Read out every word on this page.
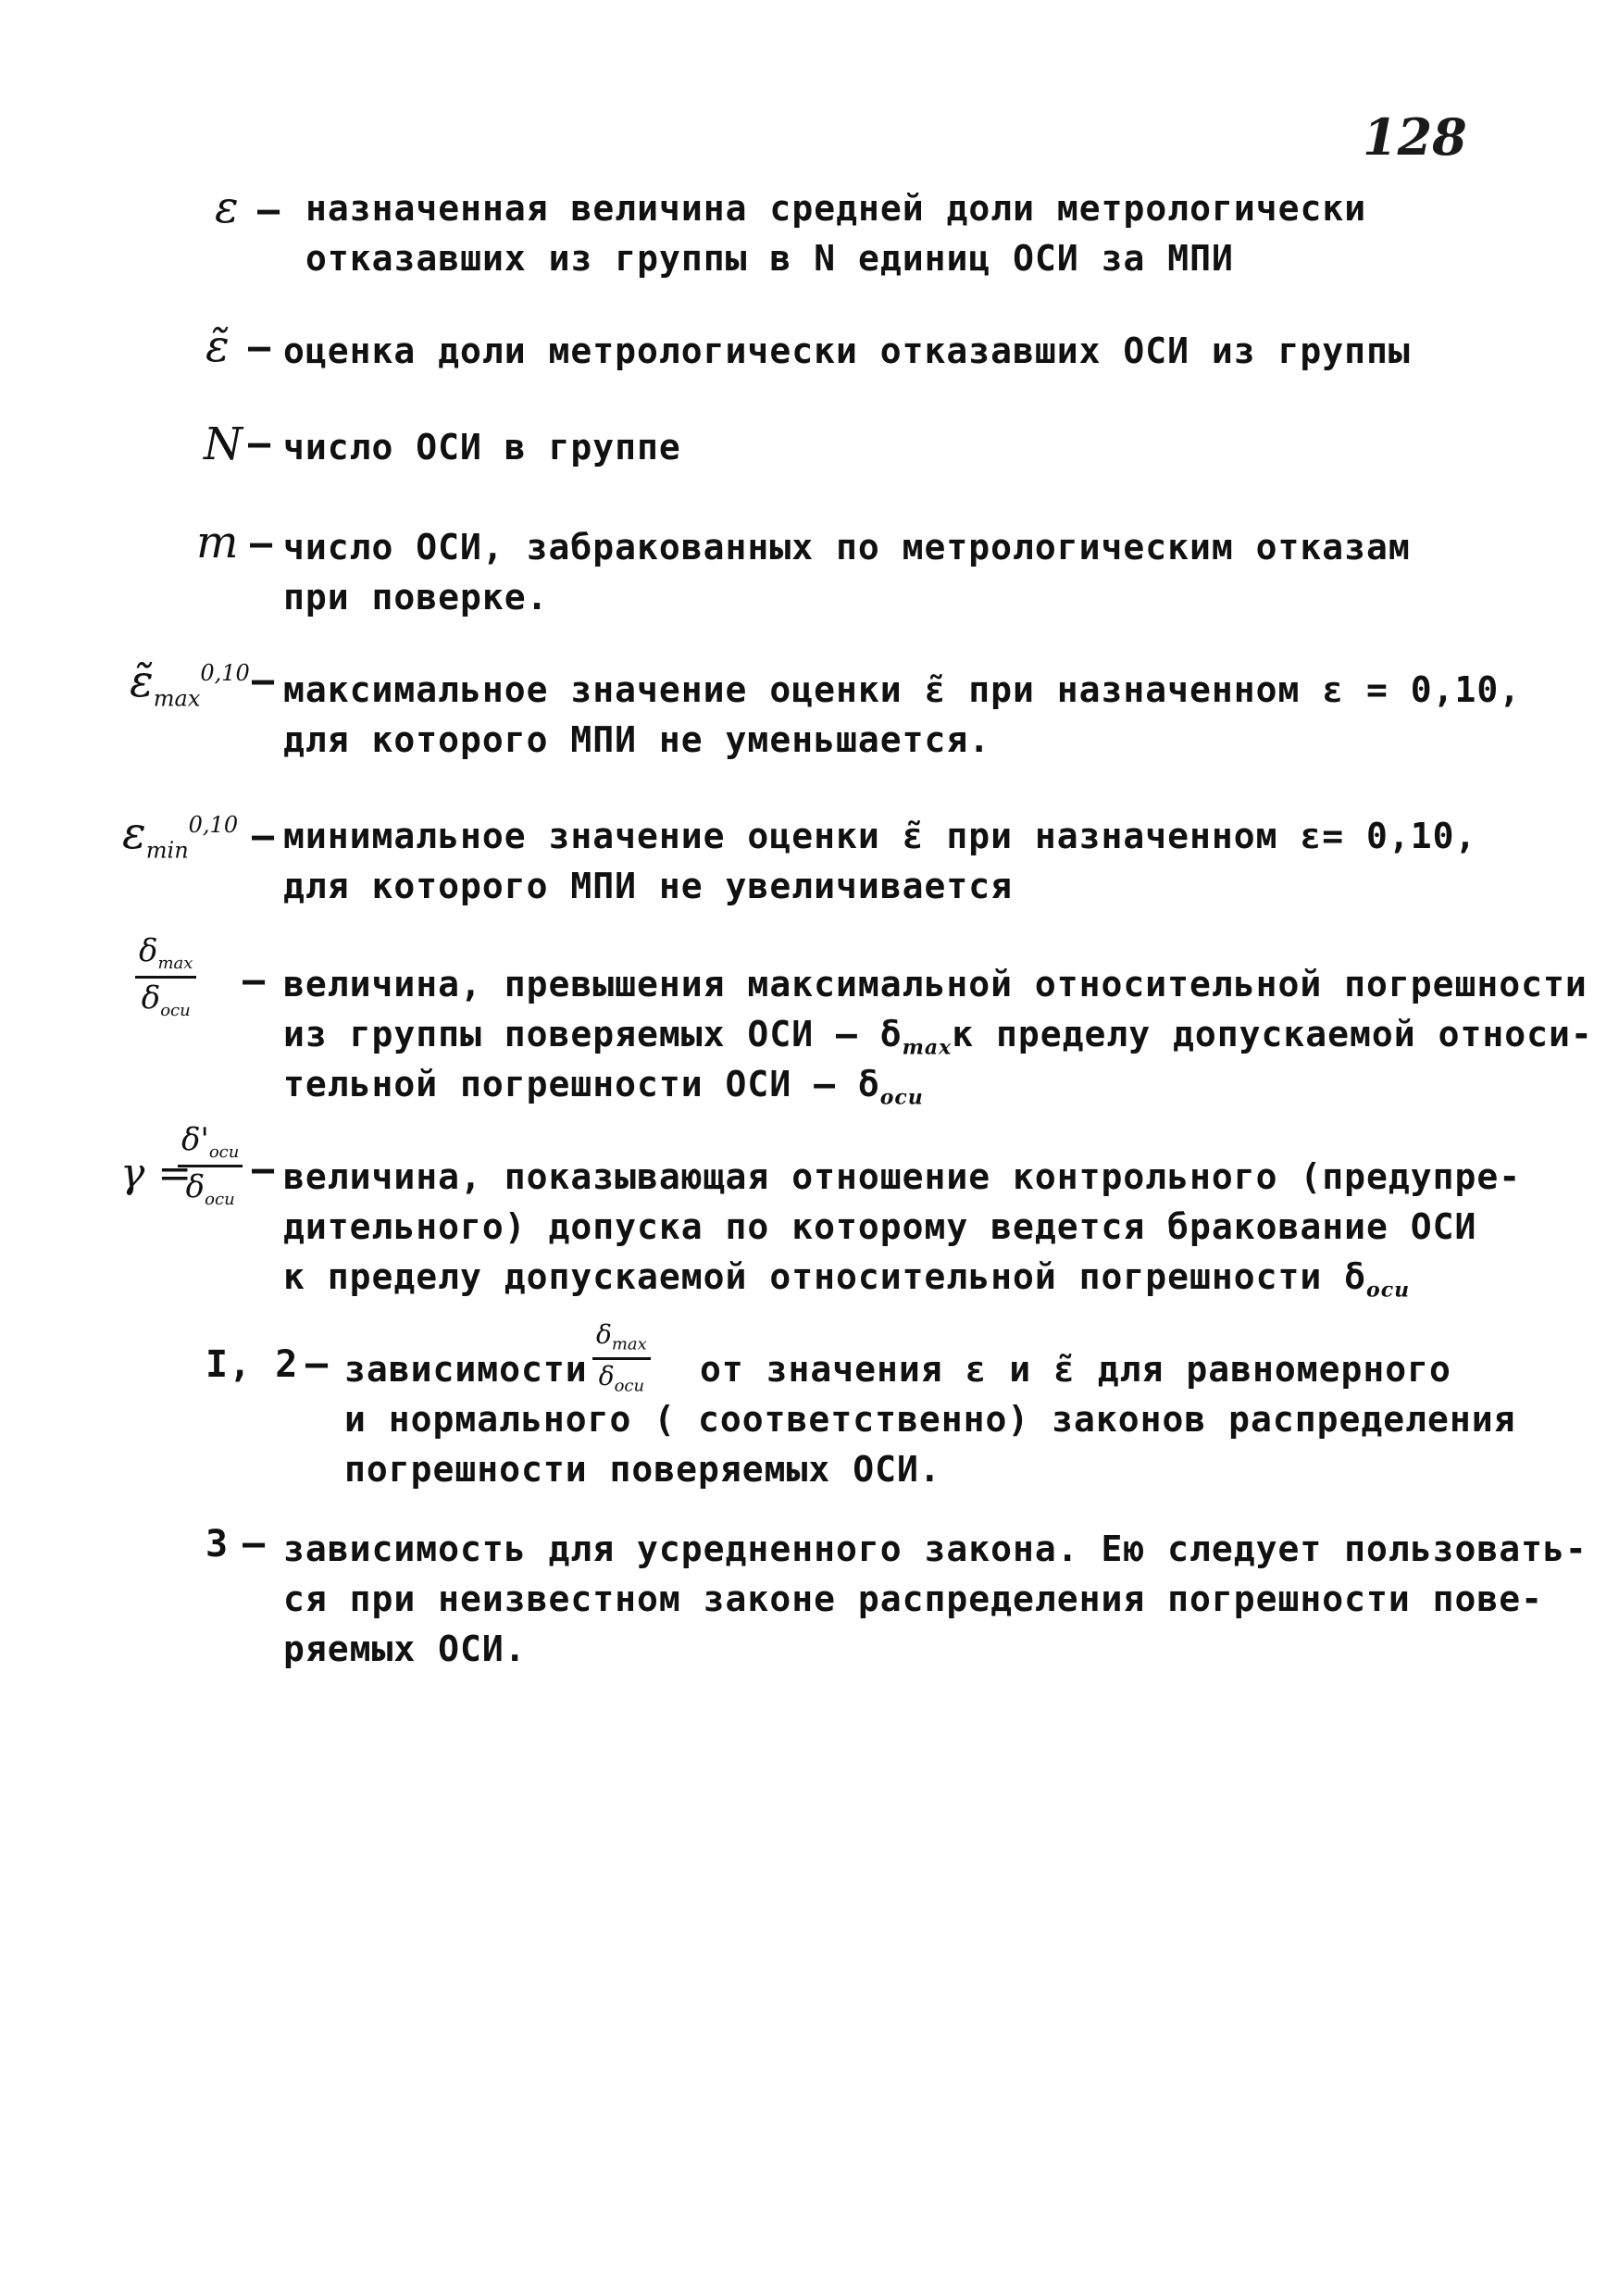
128
ε – назначенная величина средней доли метрологически
отказавших из группы в N единиц ОСИ за МПИ
ε̃ – оценка доли метрологически отказавших ОСИ из группы
N – число ОСИ в группе
m – число ОСИ, забракованных по метрологическим отказам
при поверке.
$\varepsiloñ_{max}^{0,10}$ – максимальное значение оценки ε̃ при назначенном ε = 0,10,
для которого МПИ не уменьшается.
$\varepsilon_{min}^{0,10}$ – минимальное значение оценки ε̃ при назначенном ε= 0,10,
для которого МПИ не увеличивается
$\delta_{max}$
$\delta_{оси}$
– величина, превышения максимальной относительной погрешности
из группы поверяемых ОСИ – $\delta_{max}к$ пределу допускаемой относи-
тельной погрешности ОСИ – $\delta_{оси}$
γ =
$\delta'_{оси}$
$\delta_{оси}$
– величина, показывающая отношение контрольного (предупре-
дительного) допуска по которому ведется браковaние ОСИ
к пределу допускаемой относительной погрешности $\delta_{оси}$
I, 2 – зависимости
$\delta_{max}$
$\delta_{оси}$ от значения ε и ε̃ для равномерного
и нормального ( соответственно) законов распределения
погрешности поверяемых ОСИ.
3 – зависимость для усредненного закона. Ею следует пользовать-
ся при неизвестном законе распределения погрешности пове-
ряемых ОСИ.
